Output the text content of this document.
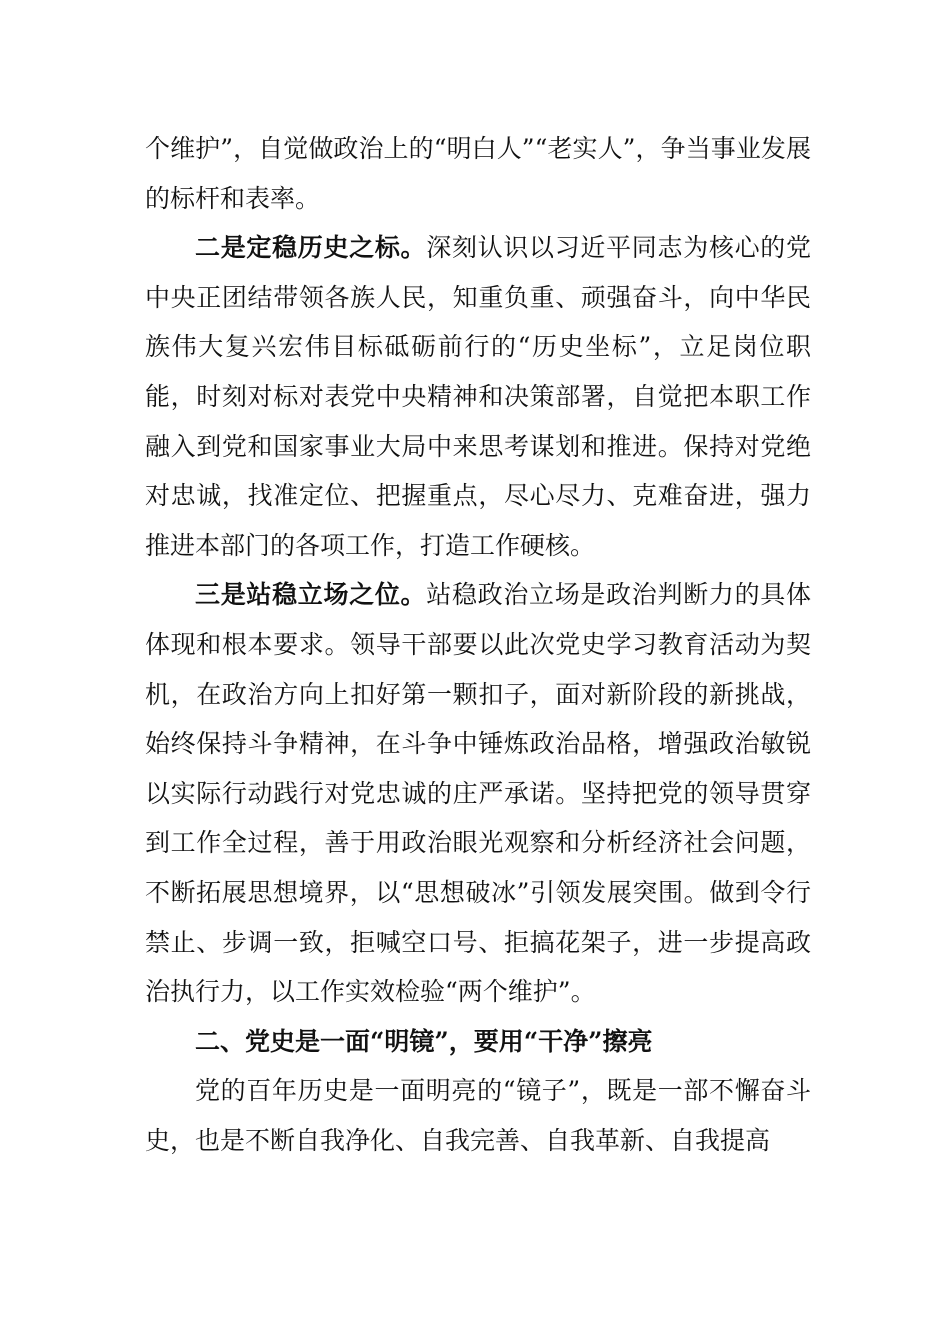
个维护”，自觉做政治上的“明白人”“老实人”，争当事业发展的标杆和表率。

二是定稳历史之标。深刻认识以习近平同志为核心的党中央正团结带领各族人民，知重负重、顽强奋斗，向中华民族伟大复兴宏伟目标砥砺前行的“历史坐标”，立足岗位职能，时刻对标对表党中央精神和决策部署，自觉把本职工作融入到党和国家事业大局中来思考谋划和推进。保持对党绝对忠诚，找准定位、把握重点，尽心尽力、克难奋进，强力推进本部门的各项工作，打造工作硬核。

三是站稳立场之位。站稳政治立场是政治判断力的具体体现和根本要求。领导干部要以此次党史学习教育活动为契机，在政治方向上扣好第一颗扣子，面对新阶段的新挑战，始终保持斗争精神，在斗争中锤炼政治品格，增强政治敏锐以实际行动践行对党忠诚的庄严承诺。坚持把党的领导贯穿到工作全过程，善于用政治眼光观察和分析经济社会问题，不断拓展思想境界，以“思想破冰”引领发展突围。做到令行禁止、步调一致，拒喊空口号、拒搞花架子，进一步提高政治执行力，以工作实效检验“两个维护”。

二、党史是一面“明镜”，要用“干净”擦亮

党的百年历史是一面明亮的“镜子”，既是一部不懈奋斗史，也是不断自我净化、自我完善、自我革新、自我提高
